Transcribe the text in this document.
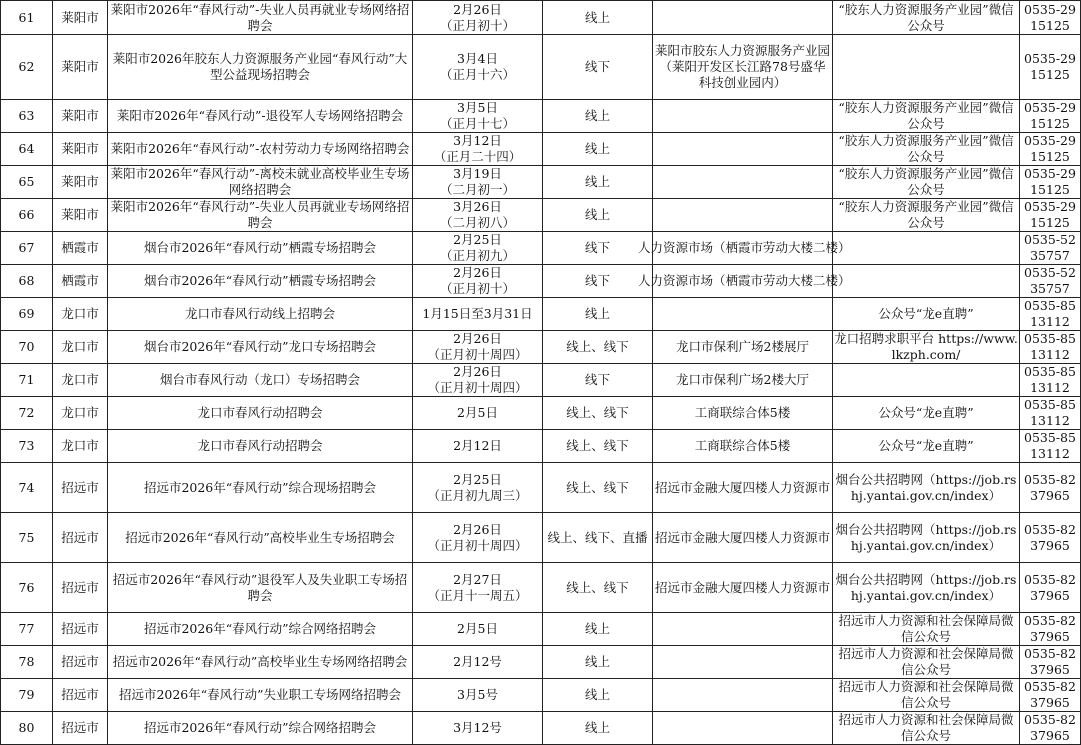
61	莱阳市	莱阳市2026年“春风行动”-失业人员再就业专场网络招聘会	2月26日
（正月初十）	线上		“胶东人力资源服务产业园”微信公众号	0535-2915125
62	莱阳市	莱阳市2026年胶东人力资源服务产业园“春风行动”大型公益现场招聘会	3月4日
（正月十六）	线下	莱阳市胶东人力资源服务产业园（莱阳开发区长江路78号盛华科技创业园内）		0535-2915125
63	莱阳市	莱阳市2026年“春风行动”-退役军人专场网络招聘会	3月5日
（正月十七）	线上		“胶东人力资源服务产业园”微信公众号	0535-2915125
64	莱阳市	莱阳市2026年“春风行动”-农村劳动力专场网络招聘会	3月12日
（正月二十四）	线上		“胶东人力资源服务产业园”微信公众号	0535-2915125
65	莱阳市	莱阳市2026年“春风行动”-离校未就业高校毕业生专场网络招聘会	3月19日
（二月初一）	线上		“胶东人力资源服务产业园”微信公众号	0535-2915125
66	莱阳市	莱阳市2026年“春风行动”-失业人员再就业专场网络招聘会	3月26日
（二月初八）	线上		“胶东人力资源服务产业园”微信公众号	0535-2915125
67	栖霞市	烟台市2026年“春风行动”栖霞专场招聘会	2月25日
（正月初九）	线下	人力资源市场（栖霞市劳动大楼二楼）		0535-5235757
68	栖霞市	烟台市2026年“春风行动”栖霞专场招聘会	2月26日
（正月初十）	线下	人力资源市场（栖霞市劳动大楼二楼）		0535-5235757
69	龙口市	龙口市春风行动线上招聘会	1月15日至3月31日	线上		公众号“龙e直聘”	0535-8513112
70	龙口市	烟台市2026年“春风行动”龙口专场招聘会	2月26日
（正月初十周四）	线上、线下	龙口市保利广场2楼展厅	龙口招聘求职平台 https://www.lkzph.com/	0535-8513112
71	龙口市	烟台市春风行动（龙口）专场招聘会	2月26日
（正月初十周四）	线下	龙口市保利广场2楼大厅		0535-8513112
72	龙口市	龙口市春风行动招聘会	2月5日	线上、线下	工商联综合体5楼	公众号“龙e直聘”	0535-8513112
73	龙口市	龙口市春风行动招聘会	2月12日	线上、线下	工商联综合体5楼	公众号“龙e直聘”	0535-8513112
74	招远市	招远市2026年“春风行动”综合现场招聘会	2月25日
（正月初九周三）	线上、线下	招远市金融大厦四楼人力资源市	烟台公共招聘网（https://job.rshj.yantai.gov.cn/index）	0535-8237965
75	招远市	招远市2026年“春风行动”高校毕业生专场招聘会	2月26日
（正月初十周四）	线上、线下、直播	招远市金融大厦四楼人力资源市	烟台公共招聘网（https://job.rshj.yantai.gov.cn/index）	0535-8237965
76	招远市	招远市2026年“春风行动”退役军人及失业职工专场招聘会	2月27日
（正月十一周五）	线上、线下	招远市金融大厦四楼人力资源市	烟台公共招聘网（https://job.rshj.yantai.gov.cn/index）	0535-8237965
77	招远市	招远市2026年“春风行动”综合网络招聘会	2月5日	线上		招远市人力资源和社会保障局微信公众号	0535-8237965
78	招远市	招远市2026年“春风行动”高校毕业生专场网络招聘会	2月12号	线上		招远市人力资源和社会保障局微信公众号	0535-8237965
79	招远市	招远市2026年“春风行动”失业职工专场网络招聘会	3月5号	线上		招远市人力资源和社会保障局微信公众号	0535-8237965
80	招远市	招远市2026年“春风行动”综合网络招聘会	3月12号	线上		招远市人力资源和社会保障局微信公众号	0535-8237965
